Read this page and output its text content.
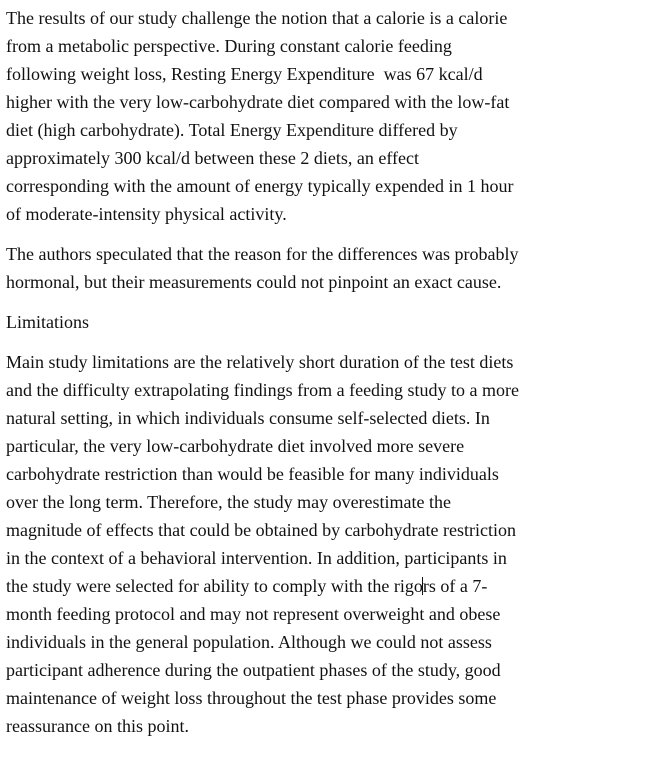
The results of our study challenge the notion that a calorie is a calorie
from a metabolic perspective. During constant calorie feeding
following weight loss, Resting Energy Expenditure  was 67 kcal/d
higher with the very low-carbohydrate diet compared with the low-fat
diet (high carbohydrate). Total Energy Expenditure differed by
approximately 300 kcal/d between these 2 diets, an effect
corresponding with the amount of energy typically expended in 1 hour
of moderate-intensity physical activity.
The authors speculated that the reason for the differences was probably
hormonal, but their measurements could not pinpoint an exact cause.
Limitations
Main study limitations are the relatively short duration of the test diets
and the difficulty extrapolating findings from a feeding study to a more
natural setting, in which individuals consume self-selected diets. In
particular, the very low-carbohydrate diet involved more severe
carbohydrate restriction than would be feasible for many individuals
over the long term. Therefore, the study may overestimate the
magnitude of effects that could be obtained by carbohydrate restriction
in the context of a behavioral intervention. In addition, participants in
the study were selected for ability to comply with the rigors of a 7-
month feeding protocol and may not represent overweight and obese
individuals in the general population. Although we could not assess
participant adherence during the outpatient phases of the study, good
maintenance of weight loss throughout the test phase provides some
reassurance on this point.
